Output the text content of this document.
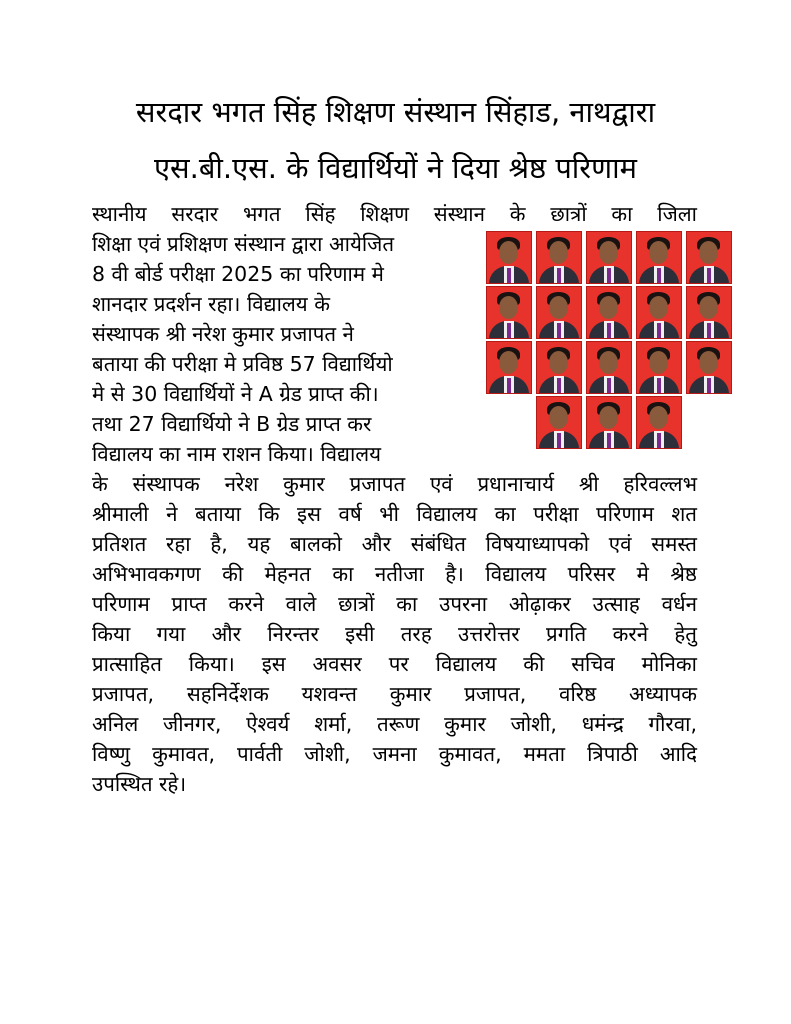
सरदार भगत सिंह शिक्षण संस्थान सिंहाड, नाथद्वारा
एस.बी.एस. के विद्यार्थियों ने दिया श्रेष्ठ परिणाम
स्थानीय सरदार भगत सिंह शिक्षण संस्थान के छात्रों का जिला
शिक्षा एवं प्रशिक्षण संस्थान द्वारा आयेजित
8 वी बोर्ड परीक्षा 2025 का परिणाम मे
शानदार प्रदर्शन रहा। विद्यालय के
संस्थापक श्री नरेश कुमार प्रजापत ने
बताया की परीक्षा मे प्रविष्ठ 57 विद्यार्थियो
मे से 30 विद्यार्थियों ने A ग्रेड प्राप्त की।
तथा 27 विद्यार्थियो ने B ग्रेड प्राप्त कर
विद्यालय का नाम राशन किया। विद्यालय
के संस्थापक नरेश कुमार प्रजापत एवं प्रधानाचार्य श्री हरिवल्लभ
श्रीमाली ने बताया कि इस वर्ष भी विद्यालय का परीक्षा परिणाम शत
प्रतिशत रहा है, यह बालको और संबंधित विषयाध्यापको एवं समस्त
अभिभावकगण की मेहनत का नतीजा है। विद्यालय परिसर मे श्रेष्ठ
परिणाम प्राप्त करने वाले छात्रों का उपरना ओढ़ाकर उत्साह वर्धन
किया गया और निरन्तर इसी तरह उत्तरोत्तर प्रगति करने हेतु
प्रात्साहित किया। इस अवसर पर विद्यालय की सचिव मोनिका
प्रजापत, सहनिर्देशक यशवन्त कुमार प्रजापत, वरिष्ठ अध्यापक
अनिल जीनगर, ऐश्वर्य शर्मा, तरूण कुमार जोशी, धमंन्द्र गौरवा,
विष्णु कुमावत, पार्वती जोशी, जमना कुमावत, ममता त्रिपाठी आदि
उपस्थित रहे।
